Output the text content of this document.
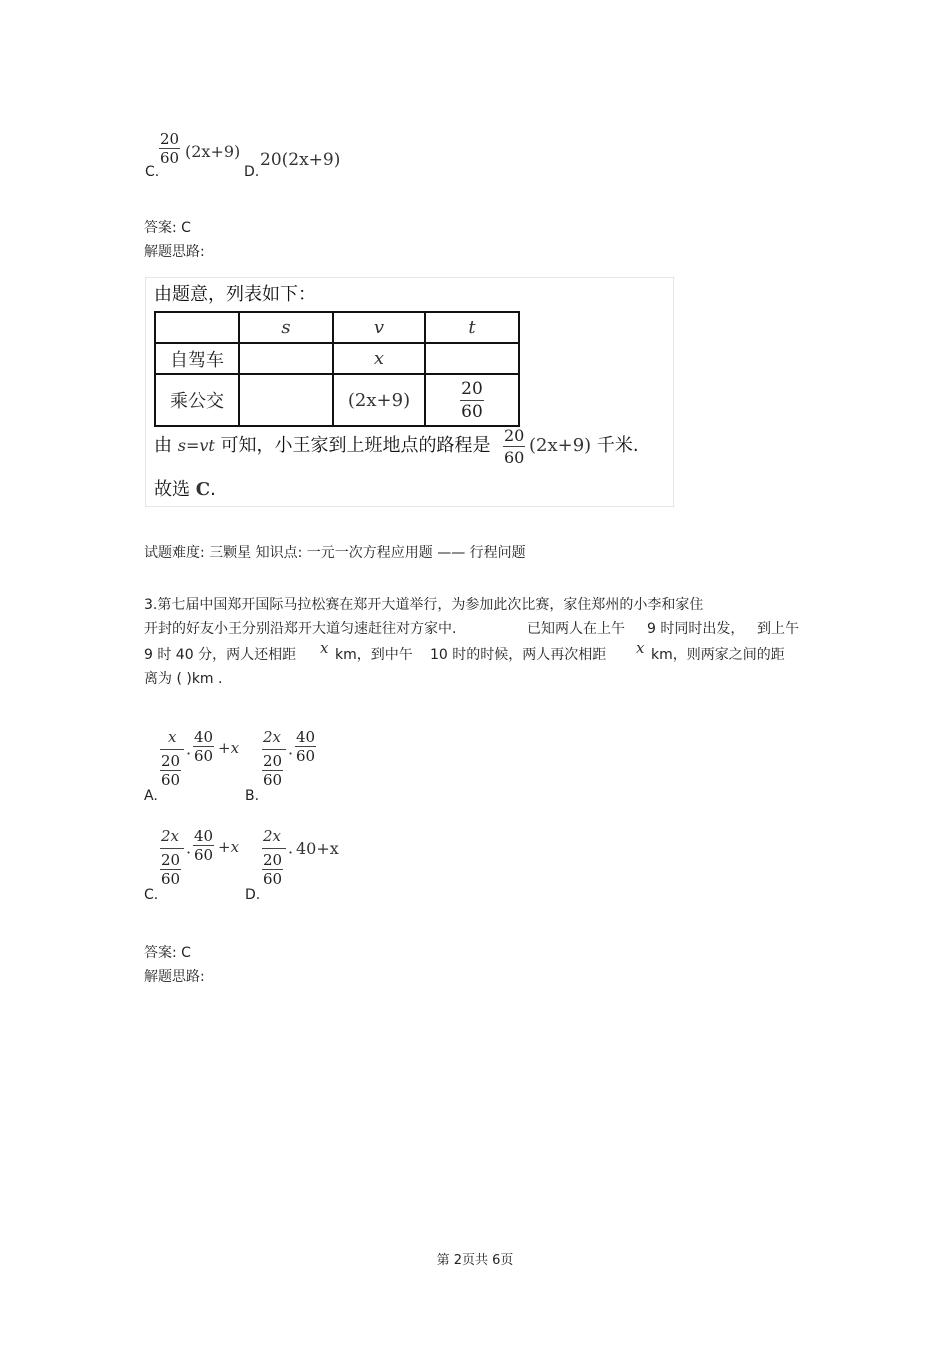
C.
$\frac{20}{60} (2x+9)$
D.
20(2x+9)
答案: C
解题思路:
由题意，列表如下：
	s	v	t
自驾车		x	
乘公交		(2x+9)	$\frac{20}{60}$
由 s=vt 可知，小王家到上班地点的路程是 $\frac{20}{60} (2x+9)$ 千米.
故选 C.
试题难度: 三颗星 知识点: 一元一次方程应用题 —— 行程问题
3.第七届中国郑开国际马拉松赛在郑开大道举行，为参加此次比赛，家住郑州的小李和家住
开封的好友小王分别沿郑开大道匀速赶往对方家中.	已知两人在上午 9 时同时出发， 到上午
9 时 40 分，两人还相距 x km，到中午 10 时的时候，两人再次相距 x km，则两家之间的距
离为 ( )km .
A.
x
$\frac{20}{60} \cdot \frac{40}{60} +x$
B.
2x
$\frac{20}{60} \cdot \frac{40}{60}$
C.
2x
$\frac{20}{60} \cdot \frac{40}{60} +x$
D.
2x
$\frac{20}{60} \cdot 40+x$
答案: C
解题思路:
第 2页共 6页
